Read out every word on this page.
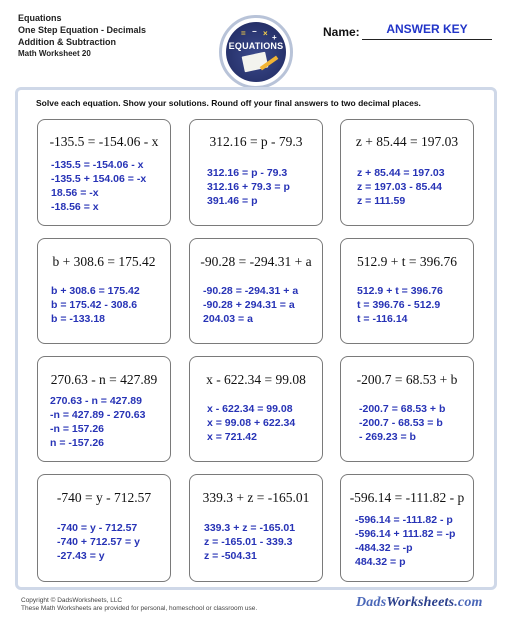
Equations
One Step Equation - Decimals
Addition & Subtraction
Math Worksheet 20
= − × +
EQUATIONS
Name:	ANSWER KEY
Solve each equation. Show your solutions. Round off your final answers to two decimal places.
-135.5 = -154.06 - x
-135.5 = -154.06 - x
-135.5 + 154.06 = -x
18.56 = -x
-18.56 = x
312.16 = p - 79.3
312.16 = p - 79.3
312.16 + 79.3 = p
391.46 = p
z + 85.44 = 197.03
z + 85.44 = 197.03
z = 197.03 - 85.44
z = 111.59
b + 308.6 = 175.42
b + 308.6 = 175.42
b = 175.42 - 308.6
b = -133.18
-90.28 = -294.31 + a
-90.28 = -294.31 + a
-90.28 + 294.31 = a
204.03 = a
512.9 + t = 396.76
512.9 + t = 396.76
t = 396.76 - 512.9
t = -116.14
270.63 - n = 427.89
270.63 - n = 427.89
-n = 427.89 - 270.63
-n = 157.26
n = -157.26
x - 622.34 = 99.08
x - 622.34 = 99.08
x = 99.08 + 622.34
x = 721.42
-200.7 = 68.53 + b
-200.7 = 68.53 + b
-200.7 - 68.53 = b
- 269.23 = b
-740 = y - 712.57
-740 = y - 712.57
-740 + 712.57 = y
-27.43 = y
339.3 + z = -165.01
339.3 + z = -165.01
z = -165.01 - 339.3
z = -504.31
-596.14 = -111.82 - p
-596.14 = -111.82 - p
-596.14 + 111.82 = -p
-484.32 = -p
484.32 = p
Copyright © DadsWorksheets, LLC
These Math Worksheets are provided for personal, homeschool or classroom use.	DadsWorksheets.com
